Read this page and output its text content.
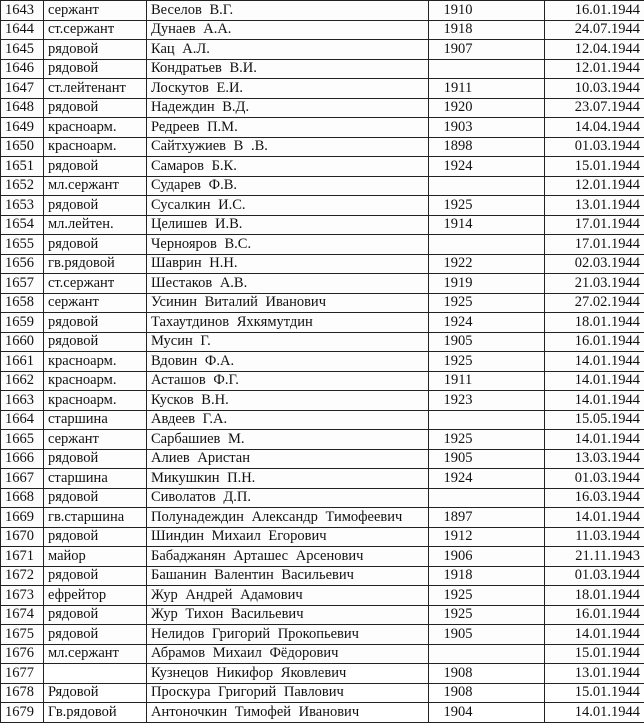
1643	сержант	Веселов В.Г.	1910	16.01.1944
1644	ст.сержант	Дунаев А.А.	1918	24.07.1944
1645	рядовой	Кац А.Л.	1907	12.04.1944
1646	рядовой	Кондратьев В.И.		12.01.1944
1647	ст.лейтенант	Лоскутов Е.И.	1911	10.03.1944
1648	рядовой	Надеждин В.Д.	1920	23.07.1944
1649	красноарм.	Редреев П.М.	1903	14.04.1944
1650	красноарм.	Сайтхужиев В .В.	1898	01.03.1944
1651	рядовой	Самаров Б.К.	1924	15.01.1944
1652	мл.сержант	Сударев Ф.В.		12.01.1944
1653	рядовой	Сусалкин И.С.	1925	13.01.1944
1654	мл.лейтен.	Целишев И.В.	1914	17.01.1944
1655	рядовой	Чернояров В.С.		17.01.1944
1656	гв.рядовой	Шаврин Н.Н.	1922	02.03.1944
1657	ст.сержант	Шестаков А.В.	1919	21.03.1944
1658	сержант	Усинин Виталий Иванович	1925	27.02.1944
1659	рядовой	Тахаутдинов Яхкямутдин	1924	18.01.1944
1660	рядовой	Мусин Г.	1905	16.01.1944
1661	красноарм.	Вдовин Ф.А.	1925	14.01.1944
1662	красноарм.	Асташов Ф.Г.	1911	14.01.1944
1663	красноарм.	Кусков В.Н.	1923	14.01.1944
1664	старшина	Авдеев Г.А.		15.05.1944
1665	сержант	Сарбашиев М.	1925	14.01.1944
1666	рядовой	Алиев Аристан	1905	13.03.1944
1667	старшина	Микушкин П.Н.	1924	01.03.1944
1668	рядовой	Сиволатов Д.П.		16.03.1944
1669	гв.старшина	Полунадеждин Александр Тимофеевич	1897	14.01.1944
1670	рядовой	Шиндин Михаил Егорович	1912	11.03.1944
1671	майор	Бабаджанян Арташес Арсенович	1906	21.11.1943
1672	рядовой	Башанин Валентин Васильевич	1918	01.03.1944
1673	ефрейтор	Жур Андрей Адамович	1925	18.01.1944
1674	рядовой	Жур Тихон Васильевич	1925	16.01.1944
1675	рядовой	Нелидов Григорий Прокопьевич	1905	14.01.1944
1676	мл.сержант	Абрамов Михаил Фёдорович		15.01.1944
1677		Кузнецов Никифор Яковлевич	1908	13.01.1944
1678	Рядовой	Проскура Григорий Павлович	1908	15.01.1944
1679	Гв.рядовой	Антоночкин Тимофей Иванович	1904	14.01.1944
